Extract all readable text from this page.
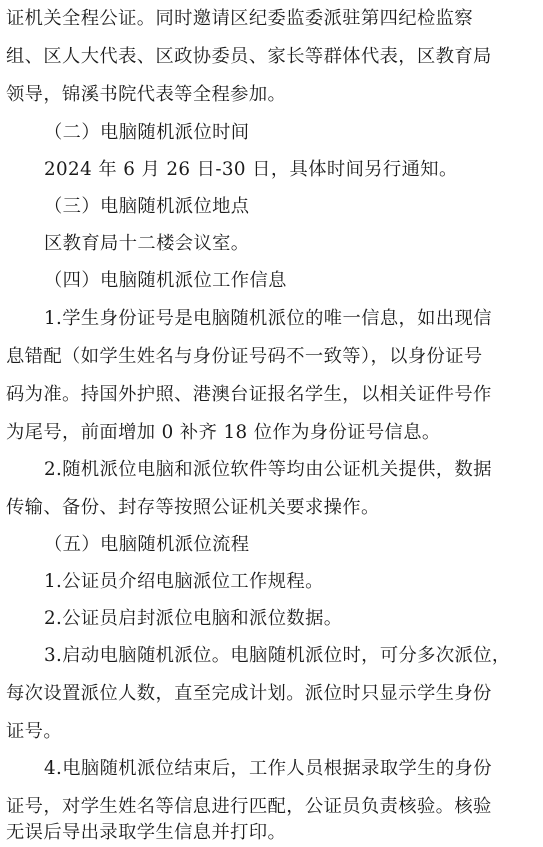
证机关全程公证。同时邀请区纪委监委派驻第四纪检监察
组、区人大代表、区政协委员、家长等群体代表，区教育局
领导，锦溪书院代表等全程参加。
（二）电脑随机派位时间
2024 年 6 月 26 日-30 日，具体时间另行通知。
（三）电脑随机派位地点
区教育局十二楼会议室。
（四）电脑随机派位工作信息
1.学生身份证号是电脑随机派位的唯一信息，如出现信
息错配（如学生姓名与身份证号码不一致等），以身份证号
码为准。持国外护照、港澳台证报名学生，以相关证件号作
为尾号，前面增加 0 补齐 18 位作为身份证号信息。
2.随机派位电脑和派位软件等均由公证机关提供，数据
传输、备份、封存等按照公证机关要求操作。
（五）电脑随机派位流程
1.公证员介绍电脑派位工作规程。
2.公证员启封派位电脑和派位数据。
3.启动电脑随机派位。电脑随机派位时，可分多次派位，
每次设置派位人数，直至完成计划。派位时只显示学生身份
证号。
4.电脑随机派位结束后，工作人员根据录取学生的身份
证号，对学生姓名等信息进行匹配，公证员负责核验。核验
无误后导出录取学生信息并打印。
